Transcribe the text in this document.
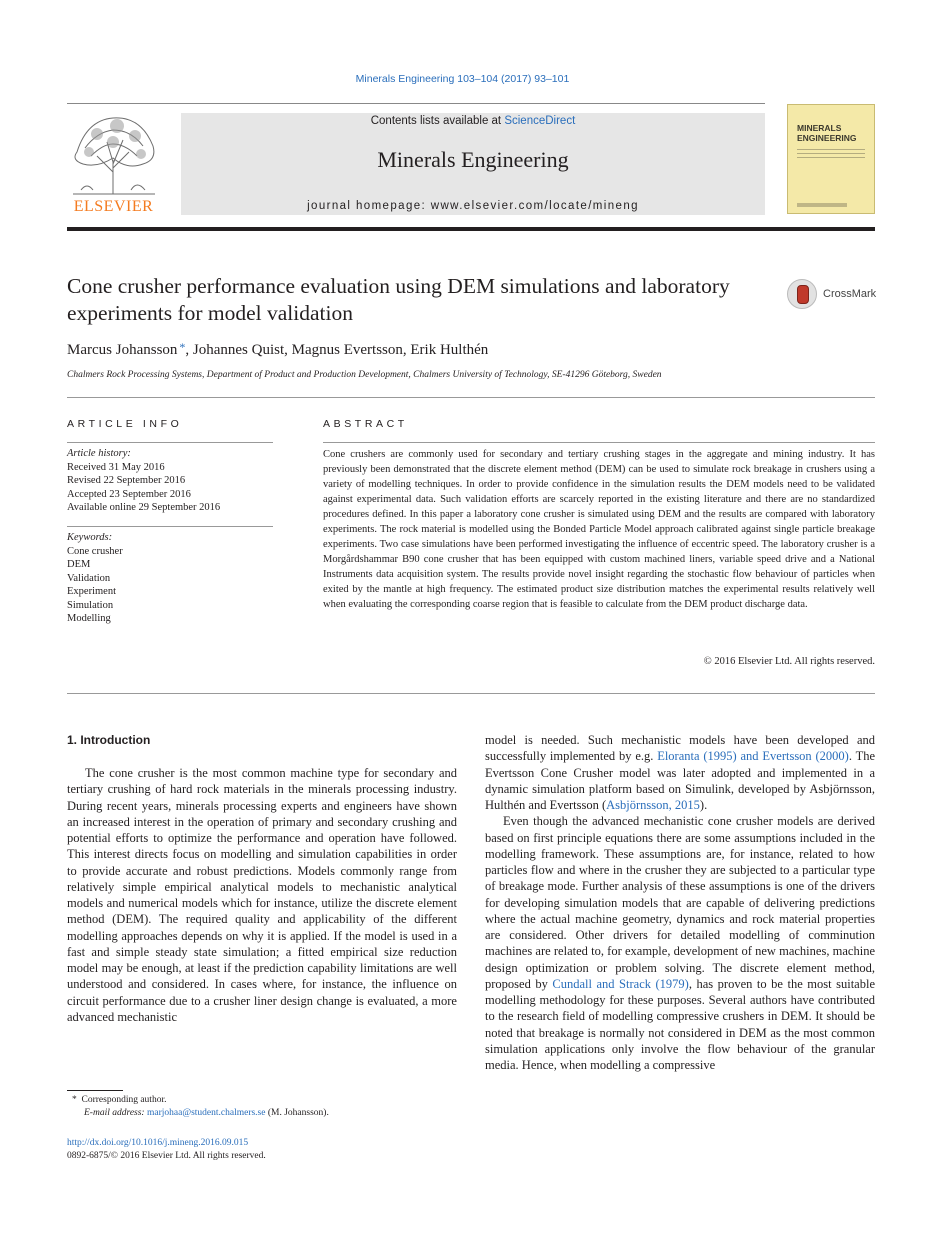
Minerals Engineering 103–104 (2017) 93–101
ELSEVIER
Contents lists available at ScienceDirect
Minerals Engineering
journal homepage: www.elsevier.com/locate/mineng
MINERALS ENGINEERING
Cone crusher performance evaluation using DEM simulations and laboratory experiments for model validation
CrossMark
Marcus Johansson *, Johannes Quist, Magnus Evertsson, Erik Hulthén
Chalmers Rock Processing Systems, Department of Product and Production Development, Chalmers University of Technology, SE-41296 Göteborg, Sweden
ARTICLE INFO
Article history:
Received 31 May 2016
Revised 22 September 2016
Accepted 23 September 2016
Available online 29 September 2016
Keywords:
Cone crusher
DEM
Validation
Experiment
Simulation
Modelling
ABSTRACT
Cone crushers are commonly used for secondary and tertiary crushing stages in the aggregate and mining industry. It has previously been demonstrated that the discrete element method (DEM) can be used to simulate rock breakage in crushers using a variety of modelling techniques. In order to provide confidence in the simulation results the DEM models need to be validated against experimental data. Such validation efforts are scarcely reported in the existing literature and there are no standardized procedures defined. In this paper a laboratory cone crusher is simulated using DEM and the results are compared with laboratory experiments. The rock material is modelled using the Bonded Particle Model approach calibrated against single particle breakage experiments. Two case simulations have been performed investigating the influence of eccentric speed. The laboratory crusher is a Morgårdshammar B90 cone crusher that has been equipped with custom machined liners, variable speed drive and a National Instruments data acquisition system. The results provide novel insight regarding the stochastic flow behaviour of particles when exited by the mantle at high frequency. The estimated product size distribution matches the experimental results relatively well when evaluating the corresponding coarse region that is feasible to calculate from the DEM product discharge data.
© 2016 Elsevier Ltd. All rights reserved.
1. Introduction

The cone crusher is the most common machine type for secondary and tertiary crushing of hard rock materials in the minerals processing industry. During recent years, minerals processing experts and engineers have shown an increased interest in the operation of primary and secondary crushing and potential efforts to optimize the performance and operation have followed. This interest directs focus on modelling and simulation capabilities in order to provide accurate and robust predictions. Models commonly range from relatively simple empirical analytical models to mechanistic analytical models and numerical models which for instance, utilize the discrete element method (DEM). The required quality and applicability of the different modelling approaches depends on why it is applied. If the model is used in a fast and simple steady state simulation; a fitted empirical size reduction model may be enough, at least if the prediction capability limitations are well understood and considered. In cases where, for instance, the influence on circuit performance due to a crusher liner design change is evaluated, a more advanced mechanistic

model is needed. Such mechanistic models have been developed and successfully implemented by e.g. Eloranta (1995) and Evertsson (2000). The Evertsson Cone Crusher model was later adopted and implemented in a dynamic simulation platform based on Simulink, developed by Asbjörnsson, Hulthén and Evertsson (Asbjörnsson, 2015).

Even though the advanced mechanistic cone crusher models are derived based on first principle equations there are some assumptions included in the modelling framework. These assumptions are, for instance, related to how particles flow and where in the crusher they are subjected to a particular type of breakage mode. Further analysis of these assumptions is one of the drivers for developing simulation models that are capable of delivering predictions where the actual machine geometry, dynamics and rock material properties are considered. Other drivers for detailed modelling of comminution machines are related to, for example, development of new machines, machine design optimization or problem solving. The discrete element method, proposed by Cundall and Strack (1979), has proven to be the most suitable modelling methodology for these purposes. Several authors have contributed to the research field of modelling compressive crushers in DEM. It should be noted that breakage is normally not considered in DEM as the most common simulation applications only involve the flow behaviour of the granular media. Hence, when modelling a compressive

* Corresponding author.
E-mail address: marjohaa@student.chalmers.se (M. Johansson).
http://dx.doi.org/10.1016/j.mineng.2016.09.015
0892-6875/© 2016 Elsevier Ltd. All rights reserved.
